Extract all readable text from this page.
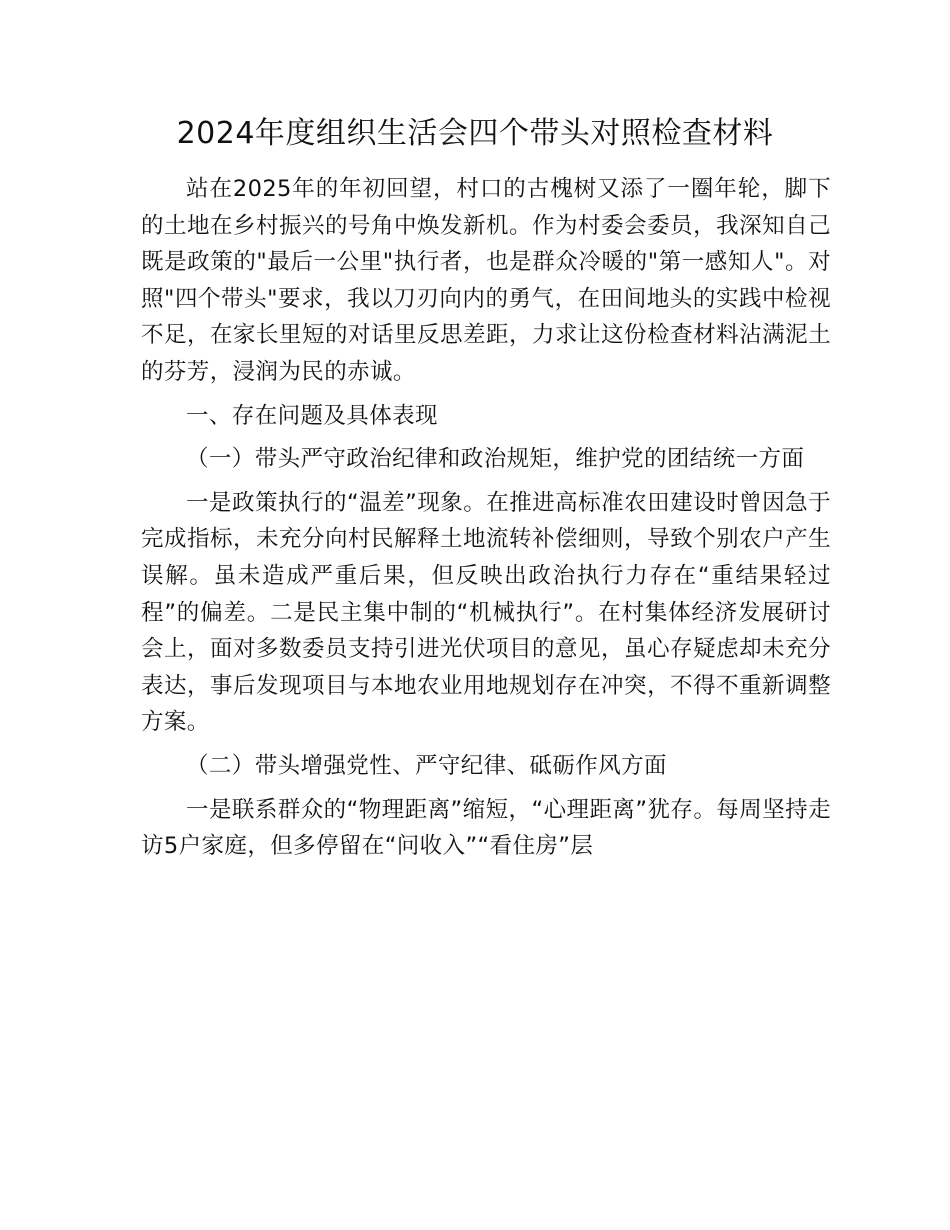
2024年度组织生活会四个带头对照检查材料

站在2025年的年初回望，村口的古槐树又添了一圈年轮，脚下的土地在乡村振兴的号角中焕发新机。作为村委会委员，我深知自己既是政策的"最后一公里"执行者，也是群众冷暖的"第一感知人"。对照"四个带头"要求，我以刀刃向内的勇气，在田间地头的实践中检视不足，在家长里短的对话里反思差距，力求让这份检查材料沾满泥土的芬芳，浸润为民的赤诚。

一、存在问题及具体表现

（一）带头严守政治纪律和政治规矩，维护党的团结统一方面

一是政策执行的“温差”现象。在推进高标准农田建设时曾因急于完成指标，未充分向村民解释土地流转补偿细则，导致个别农户产生误解。虽未造成严重后果，但反映出政治执行力存在“重结果轻过程”的偏差。二是民主集中制的“机械执行”。在村集体经济发展研讨会上，面对多数委员支持引进光伏项目的意见，虽心存疑虑却未充分表达，事后发现项目与本地农业用地规划存在冲突，不得不重新调整方案。

（二）带头增强党性、严守纪律、砥砺作风方面

一是联系群众的“物理距离”缩短，“心理距离”犹存。每周坚持走访5户家庭，但多停留在“问收入”“看住房”层
